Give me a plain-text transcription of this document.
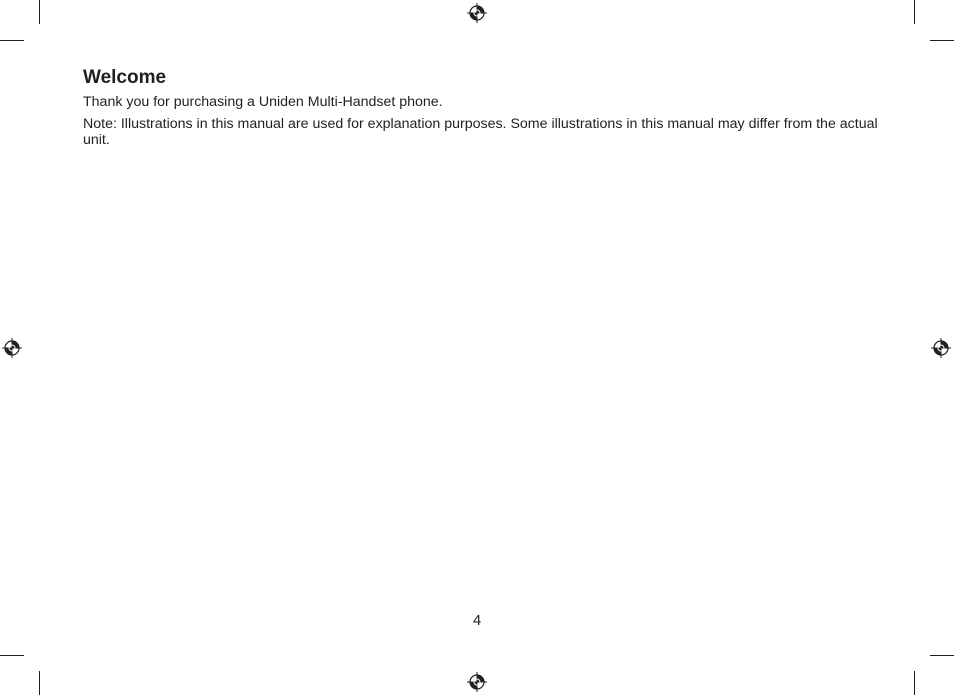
Welcome

Thank you for purchasing a Uniden Multi-Handset phone.

Note: Illustrations in this manual are used for explanation purposes. Some illustrations in this manual may differ from the actual unit.

4
